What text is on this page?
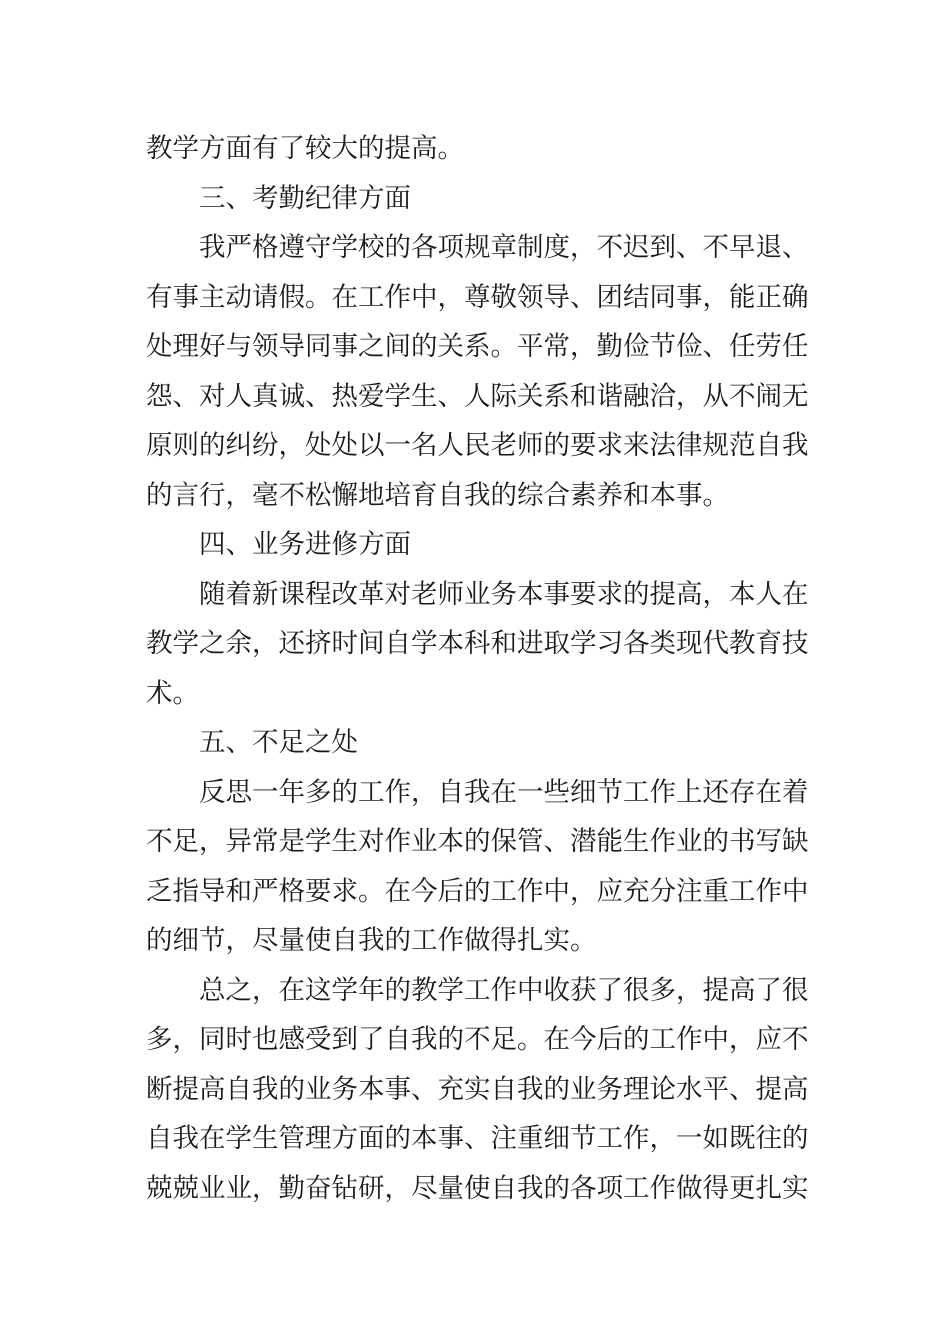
教学方面有了较大的提高。
三、考勤纪律方面
我严格遵守学校的各项规章制度，不迟到、不早退、
有事主动请假。在工作中，尊敬领导、团结同事，能正确
处理好与领导同事之间的关系。平常，勤俭节俭、任劳任
怨、对人真诚、热爱学生、人际关系和谐融洽，从不闹无
原则的纠纷，处处以一名人民老师的要求来法律规范自我
的言行，毫不松懈地培育自我的综合素养和本事。
四、业务进修方面
随着新课程改革对老师业务本事要求的提高，本人在
教学之余，还挤时间自学本科和进取学习各类现代教育技
术。
五、不足之处
反思一年多的工作，自我在一些细节工作上还存在着
不足，异常是学生对作业本的保管、潜能生作业的书写缺
乏指导和严格要求。在今后的工作中，应充分注重工作中
的细节，尽量使自我的工作做得扎实。
总之，在这学年的教学工作中收获了很多，提高了很
多，同时也感受到了自我的不足。在今后的工作中，应不
断提高自我的业务本事、充实自我的业务理论水平、提高
自我在学生管理方面的本事、注重细节工作，一如既往的
兢兢业业，勤奋钻研，尽量使自我的各项工作做得更扎实
